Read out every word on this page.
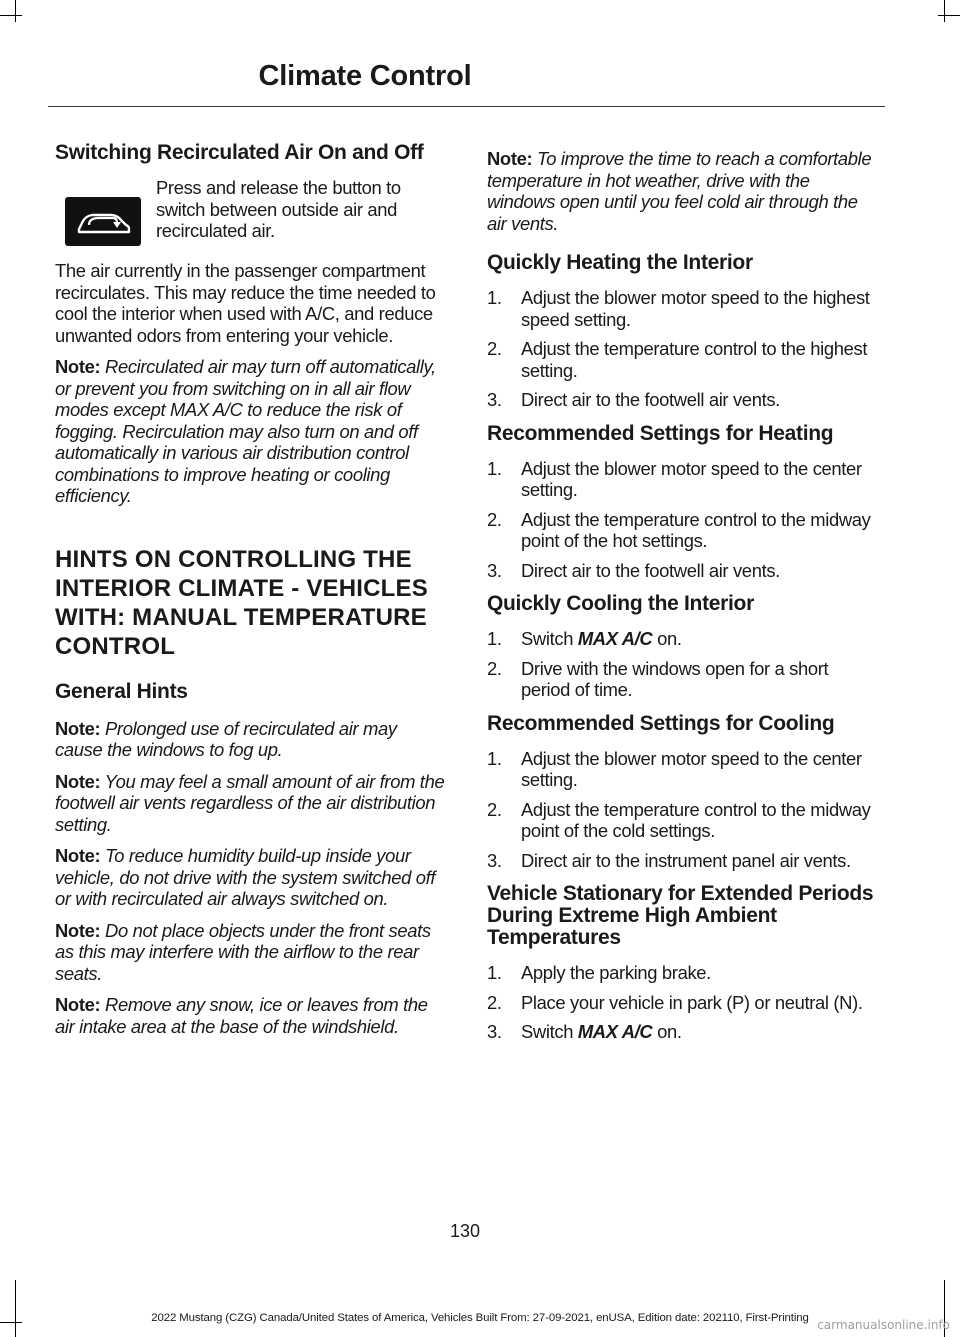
Climate Control
Switching Recirculated Air On and Off

Press and release the button to switch between outside air and recirculated air.

The air currently in the passenger compartment recirculates. This may reduce the time needed to cool the interior when used with A/C, and reduce unwanted odors from entering your vehicle.

Note: Recirculated air may turn off automatically, or prevent you from switching on in all air flow modes except MAX A/C to reduce the risk of fogging. Recirculation may also turn on and off automatically in various air distribution control combinations to improve heating or cooling efficiency.

HINTS ON CONTROLLING THE INTERIOR CLIMATE - VEHICLES WITH: MANUAL TEMPERATURE CONTROL
General Hints

Note: Prolonged use of recirculated air may cause the windows to fog up.

Note: You may feel a small amount of air from the footwell air vents regardless of the air distribution setting.

Note: To reduce humidity build-up inside your vehicle, do not drive with the system switched off or with recirculated air always switched on.

Note: Do not place objects under the front seats as this may interfere with the airflow to the rear seats.

Note: Remove any snow, ice or leaves from the air intake area at the base of the windshield.

Note: To improve the time to reach a comfortable temperature in hot weather, drive with the windows open until you feel cold air through the air vents.

Quickly Heating the Interior
1. Adjust the blower motor speed to the highest speed setting.
2. Adjust the temperature control to the highest setting.
3. Direct air to the footwell air vents.
Recommended Settings for Heating
1. Adjust the blower motor speed to the center setting.
2. Adjust the temperature control to the midway point of the hot settings.
3. Direct air to the footwell air vents.
Quickly Cooling the Interior
1. Switch MAX A/C on.
2. Drive with the windows open for a short period of time.
Recommended Settings for Cooling
1. Adjust the blower motor speed to the center setting.
2. Adjust the temperature control to the midway point of the cold settings.
3. Direct air to the instrument panel air vents.
Vehicle Stationary for Extended Periods During Extreme High Ambient Temperatures
1. Apply the parking brake.
2. Place your vehicle in park (P) or neutral (N).
3. Switch MAX A/C on.
130
2022 Mustang (CZG) Canada/United States of America, Vehicles Built From: 27-09-2021, enUSA, Edition date: 202110, First-Printing carmanualsonline.info
